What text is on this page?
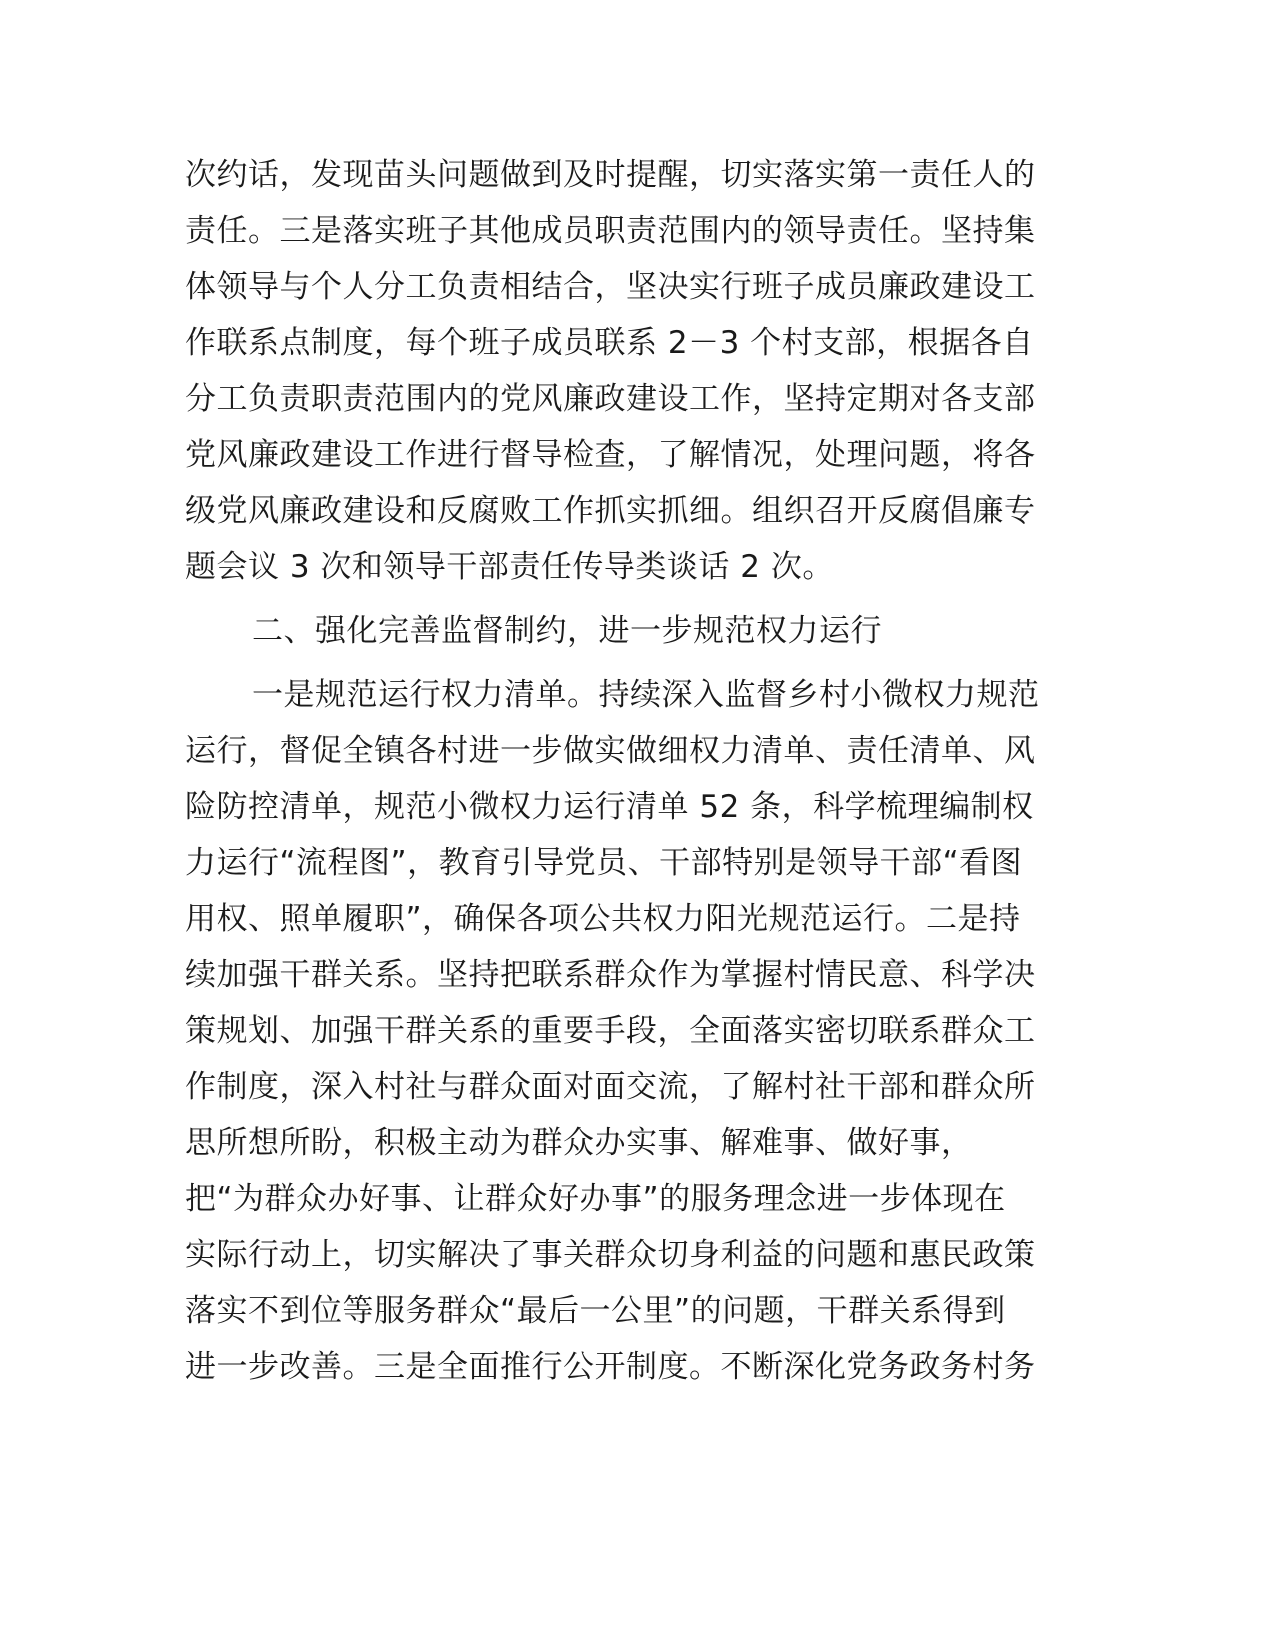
次约话，发现苗头问题做到及时提醒，切实落实第一责任人的
责任。三是落实班子其他成员职责范围内的领导责任。坚持集
体领导与个人分工负责相结合，坚决实行班子成员廉政建设工
作联系点制度，每个班子成员联系 2－3 个村支部，根据各自
分工负责职责范围内的党风廉政建设工作，坚持定期对各支部
党风廉政建设工作进行督导检查，了解情况，处理问题，将各
级党风廉政建设和反腐败工作抓实抓细。组织召开反腐倡廉专
题会议 3 次和领导干部责任传导类谈话 2 次。
二、强化完善监督制约，进一步规范权力运行
一是规范运行权力清单。持续深入监督乡村小微权力规范
运行，督促全镇各村进一步做实做细权力清单、责任清单、风
险防控清单，规范小微权力运行清单 52 条，科学梳理编制权
力运行“流程图”，教育引导党员、干部特别是领导干部“看图
用权、照单履职”，确保各项公共权力阳光规范运行。二是持
续加强干群关系。坚持把联系群众作为掌握村情民意、科学决
策规划、加强干群关系的重要手段，全面落实密切联系群众工
作制度，深入村社与群众面对面交流，了解村社干部和群众所
思所想所盼，积极主动为群众办实事、解难事、做好事，
把“为群众办好事、让群众好办事”的服务理念进一步体现在
实际行动上，切实解决了事关群众切身利益的问题和惠民政策
落实不到位等服务群众“最后一公里”的问题，干群关系得到
进一步改善。三是全面推行公开制度。不断深化党务政务村务
